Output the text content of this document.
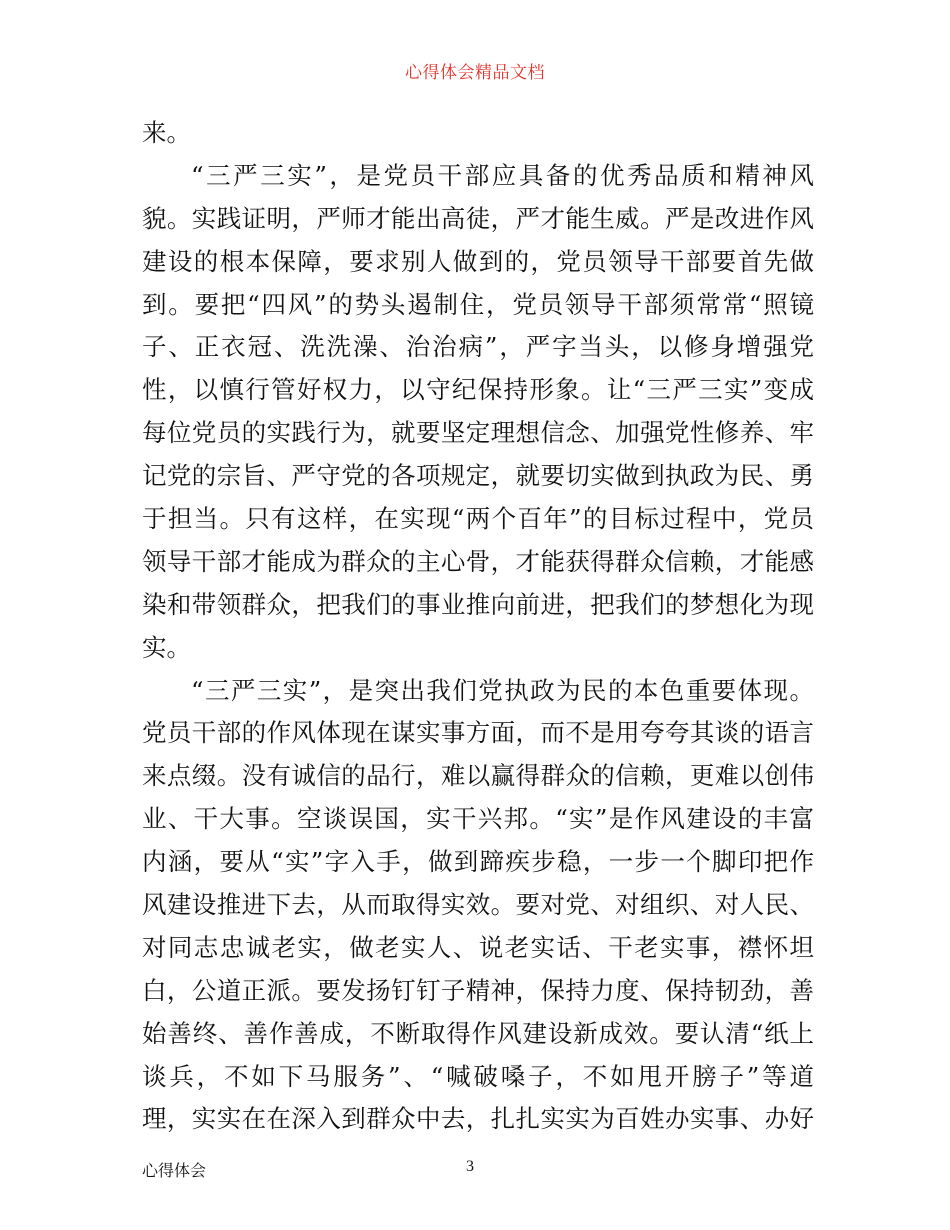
心得体会精品文档
来。
“三严三实”，是党员干部应具备的优秀品质和精神风
貌。实践证明，严师才能出高徒，严才能生威。严是改进作风
建设的根本保障，要求别人做到的，党员领导干部要首先做
到。要把“四风”的势头遏制住，党员领导干部须常常“照镜
子、正衣冠、洗洗澡、治治病”，严字当头，以修身增强党
性，以慎行管好权力，以守纪保持形象。让“三严三实”变成
每位党员的实践行为，就要坚定理想信念、加强党性修养、牢
记党的宗旨、严守党的各项规定，就要切实做到执政为民、勇
于担当。只有这样，在实现“两个百年”的目标过程中，党员
领导干部才能成为群众的主心骨，才能获得群众信赖，才能感
染和带领群众，把我们的事业推向前进，把我们的梦想化为现
实。
“三严三实”，是突出我们党执政为民的本色重要体现。
党员干部的作风体现在谋实事方面，而不是用夸夸其谈的语言
来点缀。没有诚信的品行，难以赢得群众的信赖，更难以创伟
业、干大事。空谈误国，实干兴邦。“实”是作风建设的丰富
内涵，要从“实”字入手，做到蹄疾步稳，一步一个脚印把作
风建设推进下去，从而取得实效。要对党、对组织、对人民、
对同志忠诚老实，做老实人、说老实话、干老实事，襟怀坦
白，公道正派。要发扬钉钉子精神，保持力度、保持韧劲，善
始善终、善作善成，不断取得作风建设新成效。要认清“纸上
谈兵，不如下马服务”、“喊破嗓子，不如甩开膀子”等道
理，实实在在深入到群众中去，扎扎实实为百姓办实事、办好
心得体会	3
